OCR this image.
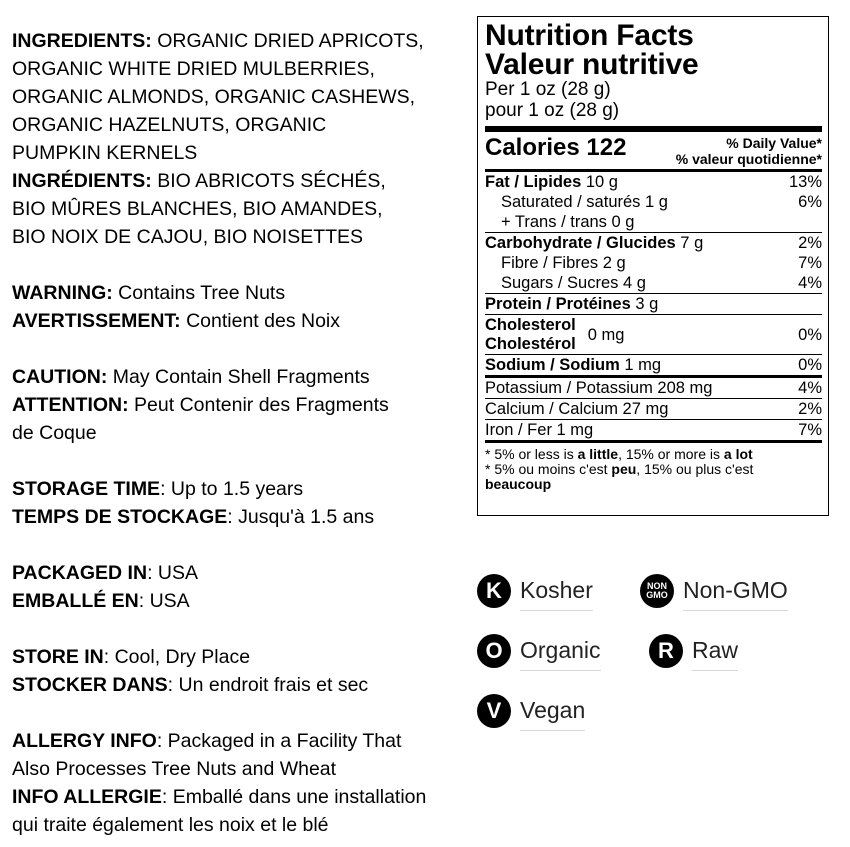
INGREDIENTS: ORGANIC DRIED APRICOTS,
ORGANIC WHITE DRIED MULBERRIES,
ORGANIC ALMONDS, ORGANIC CASHEWS,
ORGANIC HAZELNUTS, ORGANIC
PUMPKIN KERNELS
INGRÉDIENTS: BIO ABRICOTS SÉCHÉS,
BIO MÛRES BLANCHES, BIO AMANDES,
BIO NOIX DE CAJOU, BIO NOISETTES
WARNING: Contains Tree Nuts
AVERTISSEMENT: Contient des Noix
CAUTION: May Contain Shell Fragments
ATTENTION: Peut Contenir des Fragments
de Coque
STORAGE TIME: Up to 1.5 years
TEMPS DE STOCKAGE: Jusqu'à 1.5 ans
PACKAGED IN: USA
EMBALLÉ EN: USA
STORE IN: Cool, Dry Place
STOCKER DANS: Un endroit frais et sec
ALLERGY INFO: Packaged in a Facility That
Also Processes Tree Nuts and Wheat
INFO ALLERGIE: Emballé dans une installation
qui traite également les noix et le blé
Nutrition Facts
Valeur nutritive
Per 1 oz (28 g)
pour 1 oz (28 g)
Calories 122	% Daily Value*
% valeur quotidienne*
Fat / Lipides 10 g	13%
Saturated / saturés 1 g	6%
+ Trans / trans 0 g
Carbohydrate / Glucides 7 g	2%
Fibre / Fibres 2 g	7%
Sugars / Sucres 4 g	4%
Protein / Protéines 3 g
Cholesterol
Cholestérol 0 mg	0%
Sodium / Sodium 1 mg	0%
Potassium / Potassium 208 mg	4%
Calcium / Calcium 27 mg	2%
Iron / Fer 1 mg	7%
* 5% or less is a little, 15% or more is a lot
* 5% ou moins c'est peu, 15% ou plus c'est
beaucoup
K Kosher	NON
GMO Non-GMO
O Organic	R Raw
V Vegan
